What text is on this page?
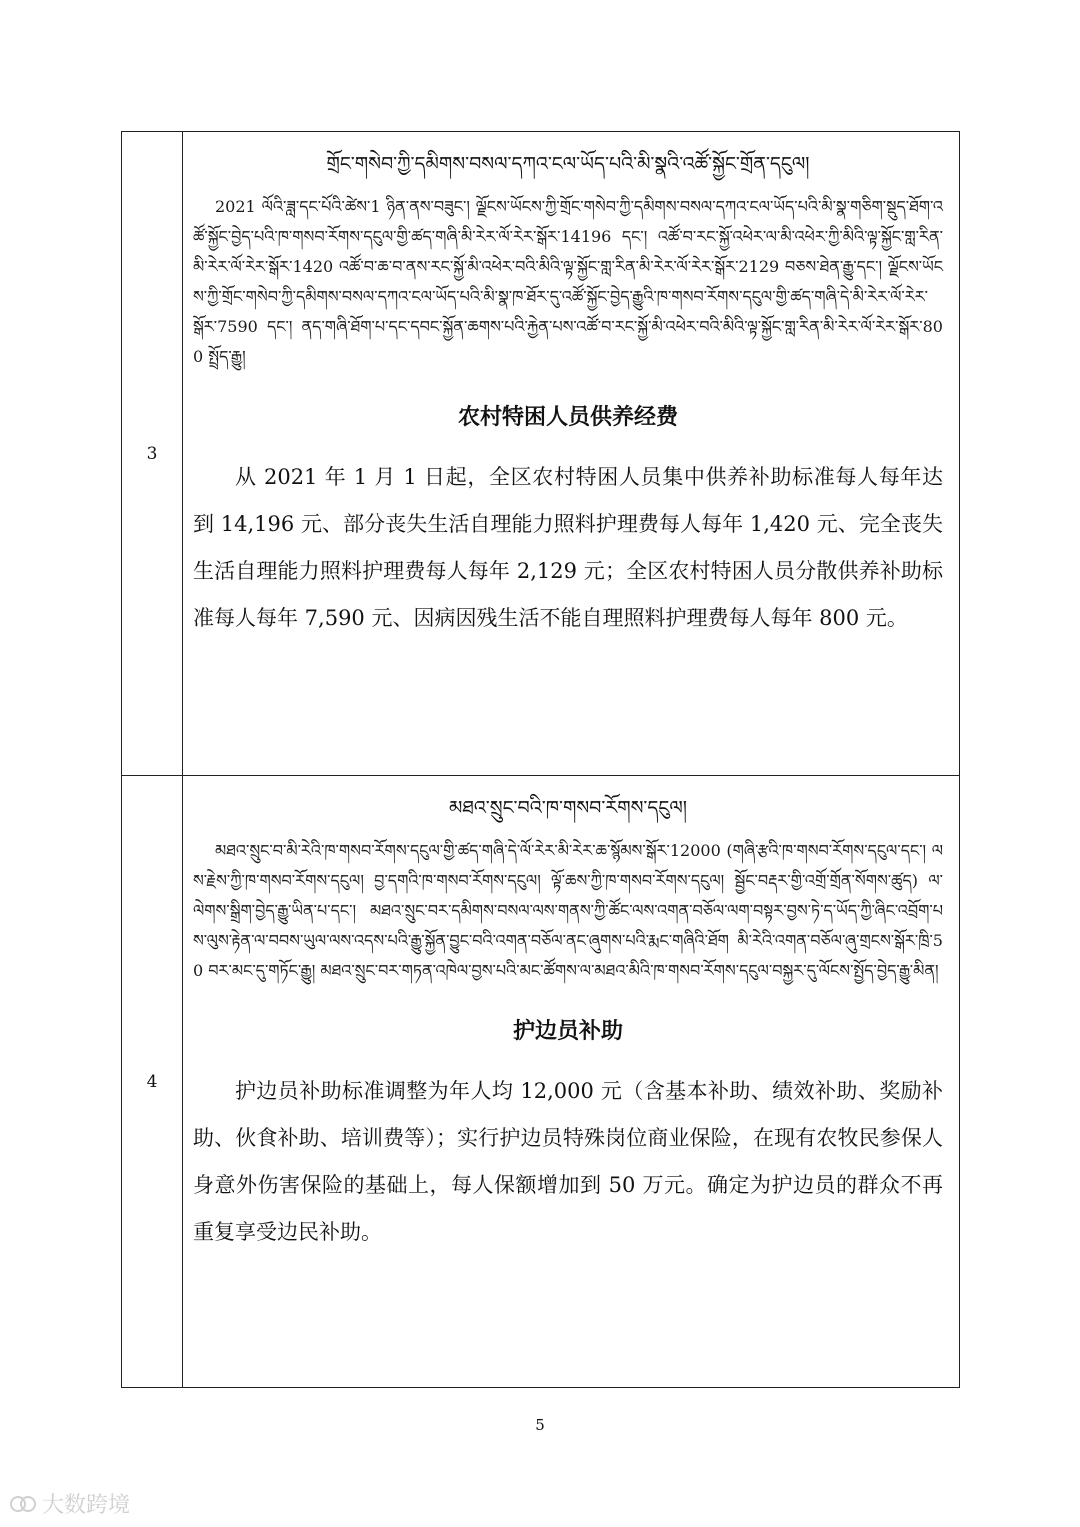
3	གྲོང་གསེབ་ཀྱི་དམིགས་བསལ་དཀའ་ངལ་ཡོད་པའི་མི་སྣའི་འཚོ་སྐྱོང་གྲོན་དངུལ།

2021 ལོའི་ཟླ་དང་པོའི་ཚེས་1 ཉིན་ནས་བཟུང་། ལྗོངས་ཡོངས་ཀྱི་གྲོང་གསེབ་ཀྱི་དམིགས་བསལ་དཀའ་ངལ་ཡོད་པའི་མི་སྣ་གཅིག་སྡུད་ཐོག་འཚོ་སྐྱོང་བྱེད་པའི་ཁ་གསབ་རོགས་དངུལ་གྱི་ཚད་གཞི་མི་རེར་ལོ་རེར་སྒོར་14196 དང་། འཚོ་བ་རང་སྐྱོ་འཕེར་ལ་མི་འཕེར་ཀྱི་མིའི་ལྟ་སྐྱོང་གླ་རིན་མི་རེར་ལོ་རེར་སྒོར་1420 འཚོ་བ་ཆ་བ་ནས་རང་སྐྱོ་མི་འཕེར་བའི་མིའི་ལྟ་སྐྱོང་གླ་རིན་མི་རེར་ལོ་རེར་སྒོར་2129 བཅས་ཐེན་རྒྱུ་དང་། ལྗོངས་ཡོངས་ཀྱི་གྲོང་གསེབ་ཀྱི་དམིགས་བསལ་དཀའ་ངལ་ཡོད་པའི་མི་སྣ་ཁ་ཐོར་དུ་འཚོ་སྐྱོང་བྱེད་རྒྱུའི་ཁ་གསབ་རོགས་དངུལ་གྱི་ཚད་གཞི་དེ་མི་རེར་ལོ་རེར་སྒོར་7590 དང་། ནད་གཞི་ཐོག་པ་དང་དབང་སྐྱོན་ཆགས་པའི་རྐྱེན་པས་འཚོ་བ་རང་སྐྱོ་མི་འཕེར་བའི་མིའི་ལྟ་སྐྱོང་གླ་རིན་མི་རེར་ལོ་རེར་སྒོར་800 སྤྲོད་རྒྱུ།

农村特困人员供养经费

从 2021 年 1 月 1 日起，全区农村特困人员集中供养补助标准每人每年达到 14,196 元、部分丧失生活自理能力照料护理费每人每年 1,420 元、完全丧失生活自理能力照料护理费每人每年 2,129 元；全区农村特困人员分散供养补助标准每人每年 7,590 元、因病因残生活不能自理照料护理费每人每年 800 元。

4	མཐའ་སྲུང་བའི་ཁ་གསབ་རོགས་དངུལ།

མཐའ་སྲུང་བ་མི་རེའི་ཁ་གསབ་རོགས་དངུལ་གྱི་ཚད་གཞི་དེ་ལོ་རེར་མི་རེར་ཆ་སྙོམས་སྒོར་12000 (གཞི་རྩའི་ཁ་གསབ་རོགས་དངུལ་དང་། ལས་རྗེས་ཀྱི་ཁ་གསབ་རོགས་དངུལ། བྱ་དགའི་ཁ་གསབ་རོགས་དངུལ། ལྟོ་ཆས་ཀྱི་ཁ་གསབ་རོགས་དངུལ། སྦྱོང་བརྡར་གྱི་འགྲོ་གྲོན་སོགས་ཚུད) ལ་ལེགས་སྒྲིག་བྱེད་རྒྱུ་ཡིན་པ་དང་། མཐའ་སྲུང་བར་དམིགས་བསལ་ལས་གནས་ཀྱི་ཚོང་ལས་འགན་བཅོལ་ལག་བསྟར་བྱས་ཏེ་ད་ཡོད་ཀྱི་ཞིང་འབྲོག་པས་ལུས་རྟེན་ལ་བབས་ཡུལ་ལས་འདས་པའི་རྒྱུ་སྐྱོན་བྱུང་བའི་འགན་བཅོལ་ནང་ཞུགས་པའི་རྨང་གཞིའི་ཐོག མི་རེའི་འགན་བཅོལ་ཞུ་གྲངས་སྒོར་ཁྲི་50 བར་མང་དུ་གཏོང་རྒྱུ། མཐའ་སྲུང་བར་གཏན་འཁེལ་བྱས་པའི་མང་ཚོགས་ལ་མཐའ་མིའི་ཁ་གསབ་རོགས་དངུལ་བསྐྱར་དུ་ལོངས་སྤྱོད་བྱེད་རྒྱུ་མིན།

护边员补助

护边员补助标准调整为年人均 12,000 元（含基本补助、绩效补助、奖励补助、伙食补助、培训费等）；实行护边员特殊岗位商业保险，在现有农牧民参保人身意外伤害保险的基础上，每人保额增加到 50 万元。确定为护边员的群众不再重复享受边民补助。

5
大数跨境
